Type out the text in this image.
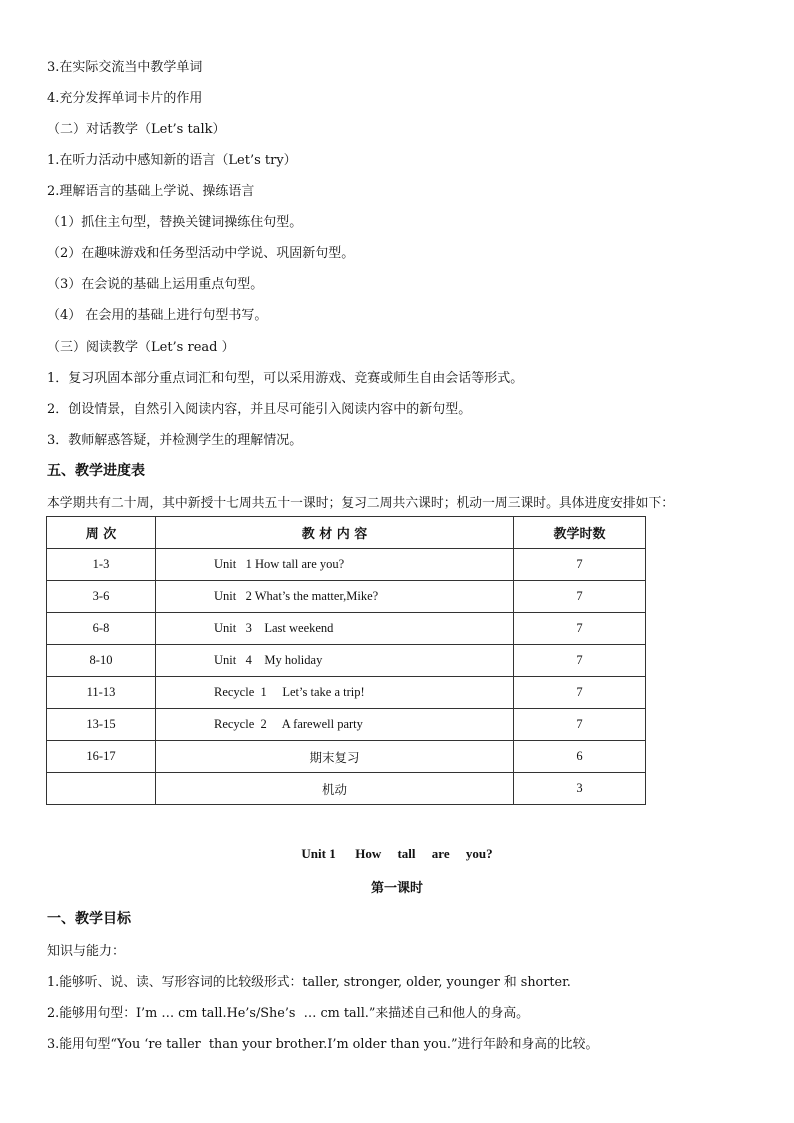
3.在实际交流当中教学单词
4.充分发挥单词卡片的作用
（二）对话教学（Let’s talk）
1.在听力活动中感知新的语言（Let’s try）
2.理解语言的基础上学说、操练语言
（1）抓住主句型，替换关键词操练住句型。
（2）在趣味游戏和任务型活动中学说、巩固新句型。
（3）在会说的基础上运用重点句型。
（4） 在会用的基础上进行句型书写。
（三）阅读教学（Let’s read ）
1．复习巩固本部分重点词汇和句型，可以采用游戏、竞赛或师生自由会话等形式。
2．创设情景，自然引入阅读内容，并且尽可能引入阅读内容中的新句型。
3．教师解惑答疑，并检测学生的理解情况。
五、教学进度表
本学期共有二十周，其中新授十七周共五十一课时；复习二周共六课时；机动一周三课时。具体进度安排如下：
周 次	教 材 内 容	教学时数
1-3	Unit   1 How tall are you?	7
3-6	Unit   2 What’s the matter,Mike?	7
6-8	Unit   3    Last weekend	7
8-10	Unit   4    My holiday	7
11-13	Recycle  1     Let’s take a trip!	7
13-15	Recycle  2     A farewell party	7
16-17	期末复习	6
	机动	3
Unit 1      How     tall     are     you?
第一课时
一、教学目标
知识与能力：
1.能够听、说、读、写形容词的比较级形式：taller, stronger, older, younger 和 shorter.
2.能够用句型：I’m … cm tall.He’s/She’s  … cm tall.”来描述自己和他人的身高。
3.能用句型“You ‘re taller  than your brother.I’m older than you.”进行年龄和身高的比较。
